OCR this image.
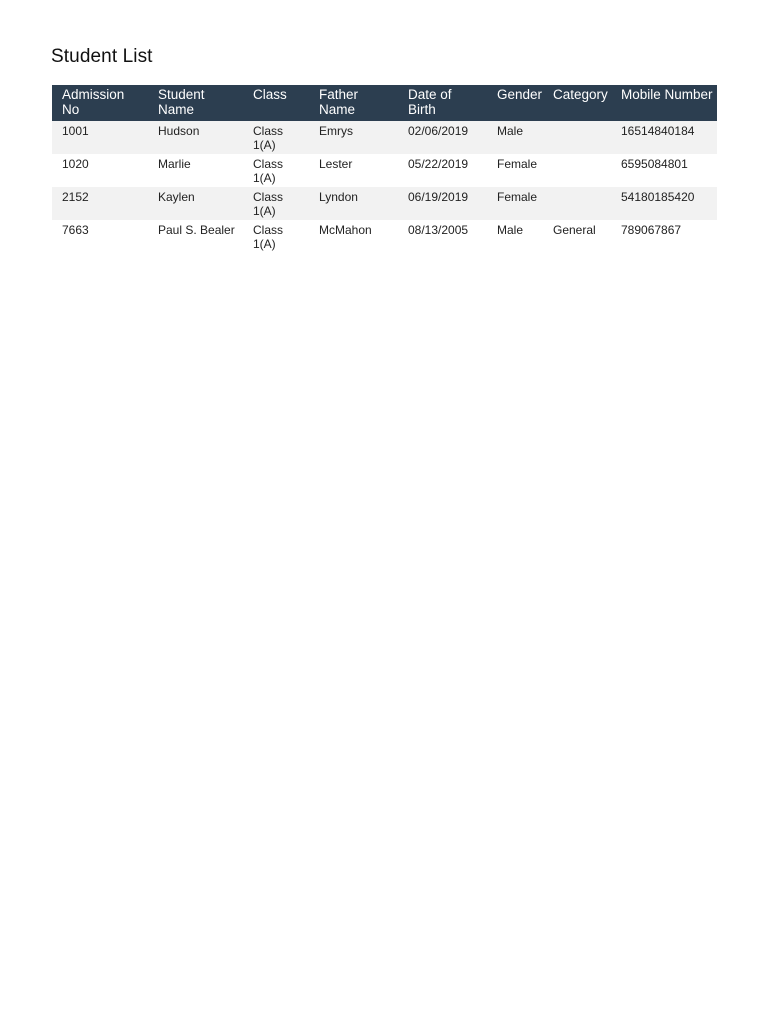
Student List
Admission No	Student Name	Class	Father Name	Date of Birth	Gender	Category	Mobile Number
1001	Hudson	Class 1(A)	Emrys	02/06/2019	Male		16514840184
1020	Marlie	Class 1(A)	Lester	05/22/2019	Female		6595084801
2152	Kaylen	Class 1(A)	Lyndon	06/19/2019	Female		54180185420
7663	Paul S. Bealer	Class 1(A)	McMahon	08/13/2005	Male	General	789067867
